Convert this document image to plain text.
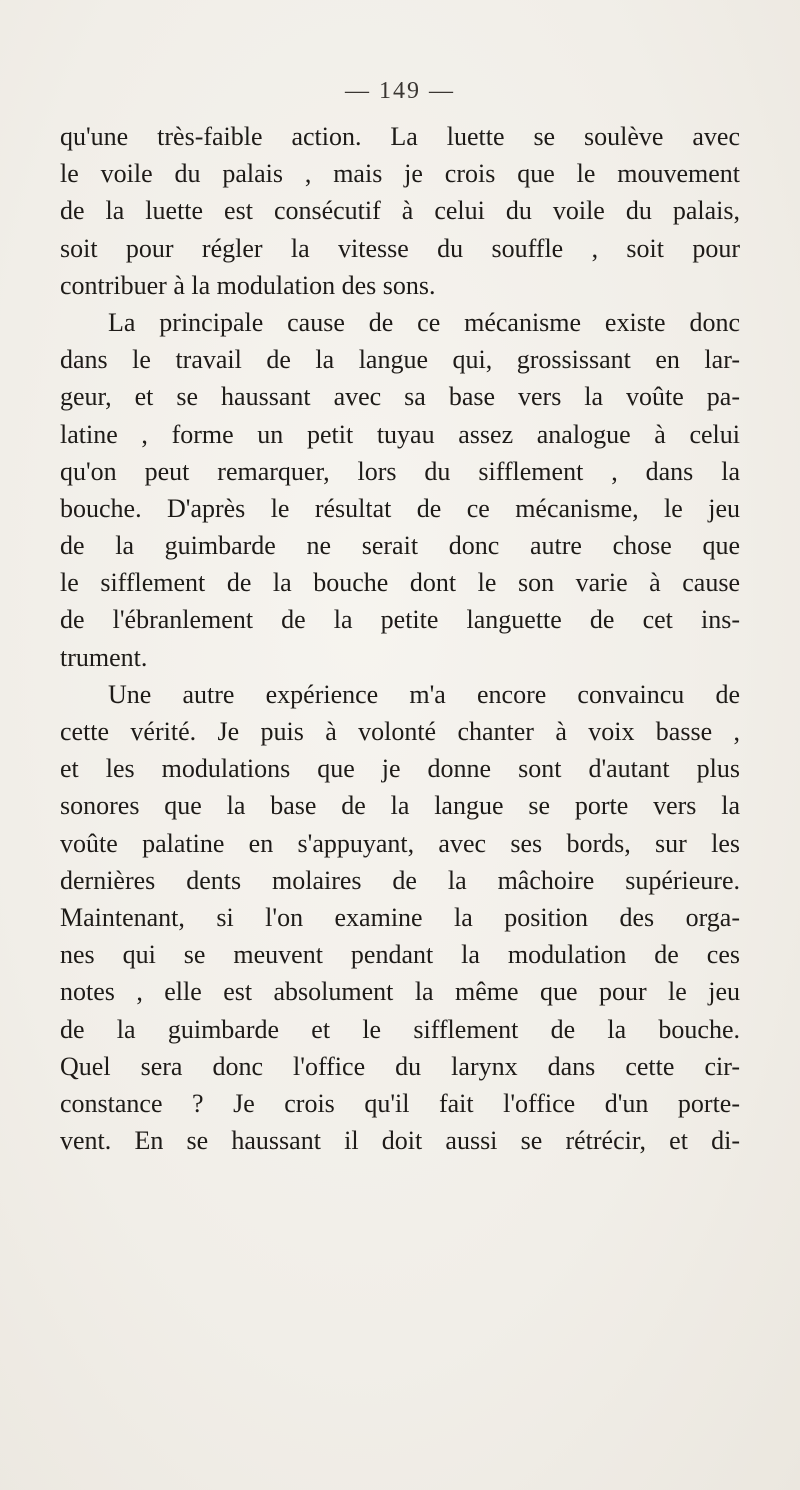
— 149 —
qu'une très-faible action. La luette se soulève avec
le voile du palais , mais je crois que le mouvement
de la luette est consécutif à celui du voile du palais,
soit pour régler la vitesse du souffle , soit pour
contribuer à la modulation des sons.
La principale cause de ce mécanisme existe donc
dans le travail de la langue qui, grossissant en lar-
geur, et se haussant avec sa base vers la voûte pa-
latine , forme un petit tuyau assez analogue à celui
qu'on peut remarquer, lors du sifflement , dans la
bouche. D'après le résultat de ce mécanisme, le jeu
de la guimbarde ne serait donc autre chose que
le sifflement de la bouche dont le son varie à cause
de l'ébranlement de la petite languette de cet ins-
trument.
Une autre expérience m'a encore convaincu de
cette vérité. Je puis à volonté chanter à voix basse ,
et les modulations que je donne sont d'autant plus
sonores que la base de la langue se porte vers la
voûte palatine en s'appuyant, avec ses bords, sur les
dernières dents molaires de la mâchoire supérieure.
Maintenant, si l'on examine la position des orga-
nes qui se meuvent pendant la modulation de ces
notes , elle est absolument la même que pour le jeu
de la guimbarde et le sifflement de la bouche.
Quel sera donc l'office du larynx dans cette cir-
constance ? Je crois qu'il fait l'office d'un porte-
vent. En se haussant il doit aussi se rétrécir, et di-
